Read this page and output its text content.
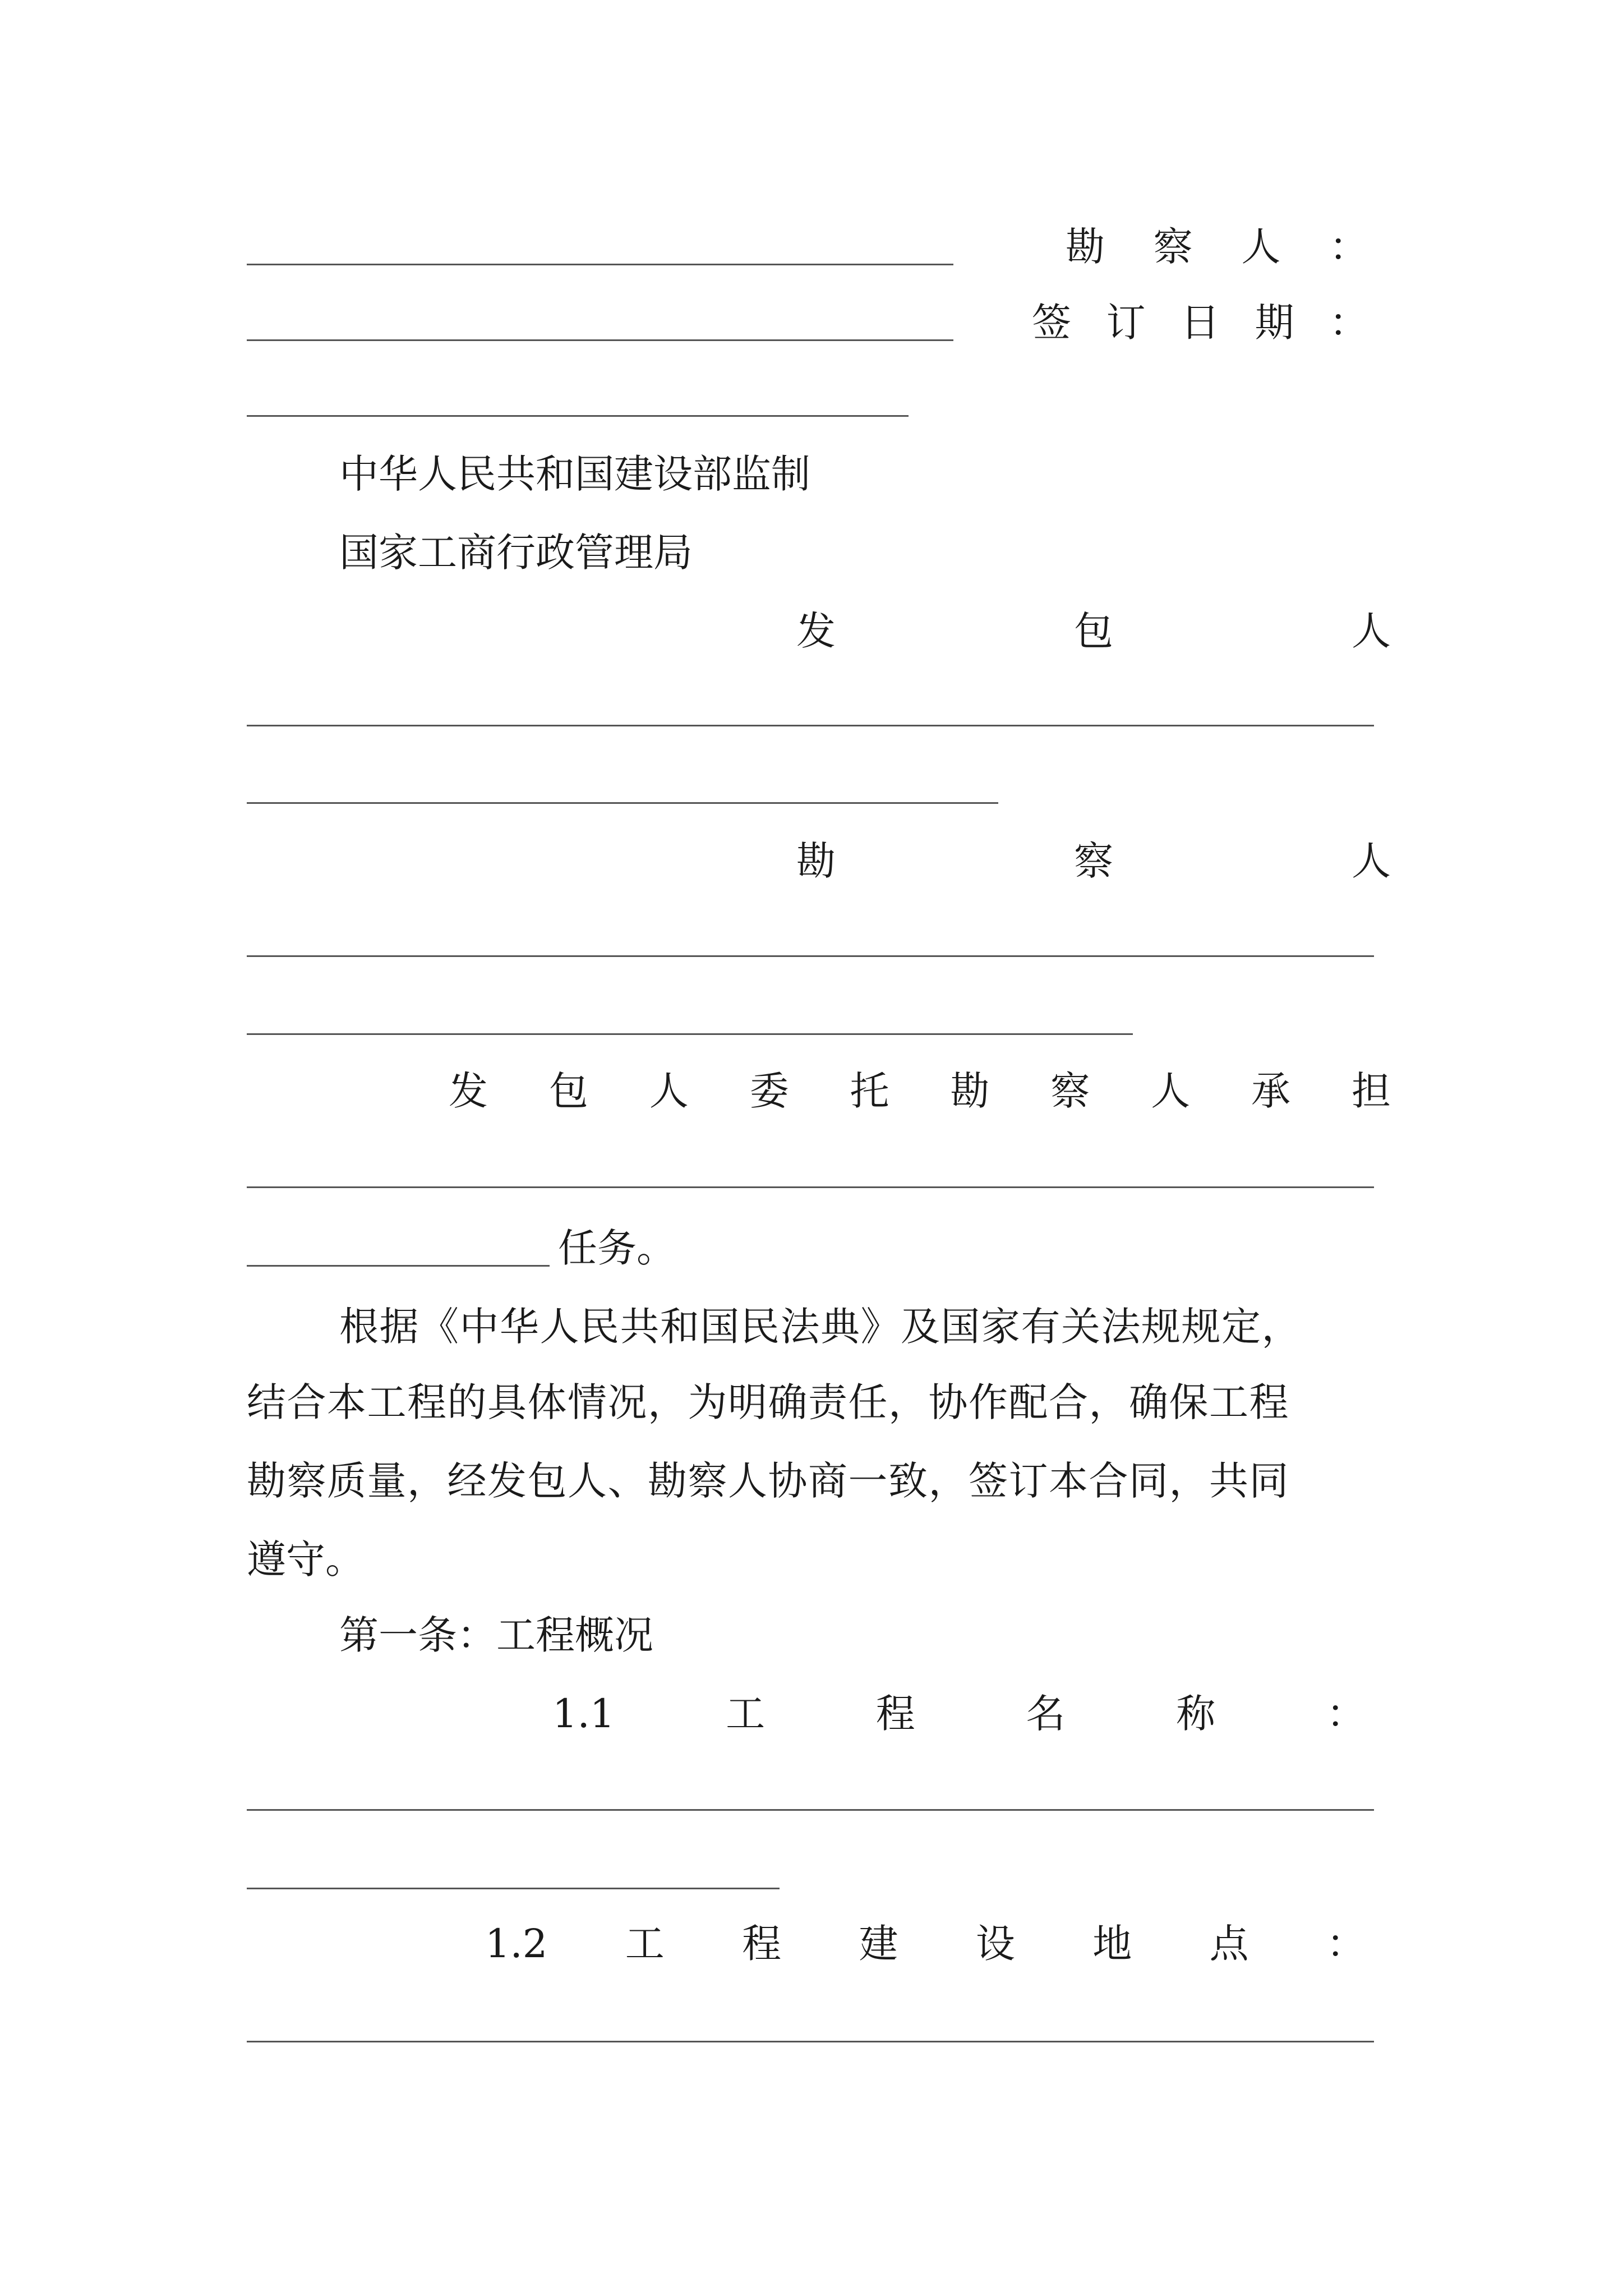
勘 察 人 ：
签 订 日 期 ：
中华人民共和国建设部监制
国家工商行政管理局
发	包	人
勘	察	人
发 包 人 委 托 勘 察 人 承 担
任务。
根据《中华人民共和国民法典》及国家有关法规规定，
结合本工程的具体情况，为明确责任，协作配合，确保工程
勘察质量，经发包人、勘察人协商一致，签订本合同，共同
遵守。
第一条：工程概况
1.1	工	程	名	称	：
1.2 工 程 建 设 地 点 ：
